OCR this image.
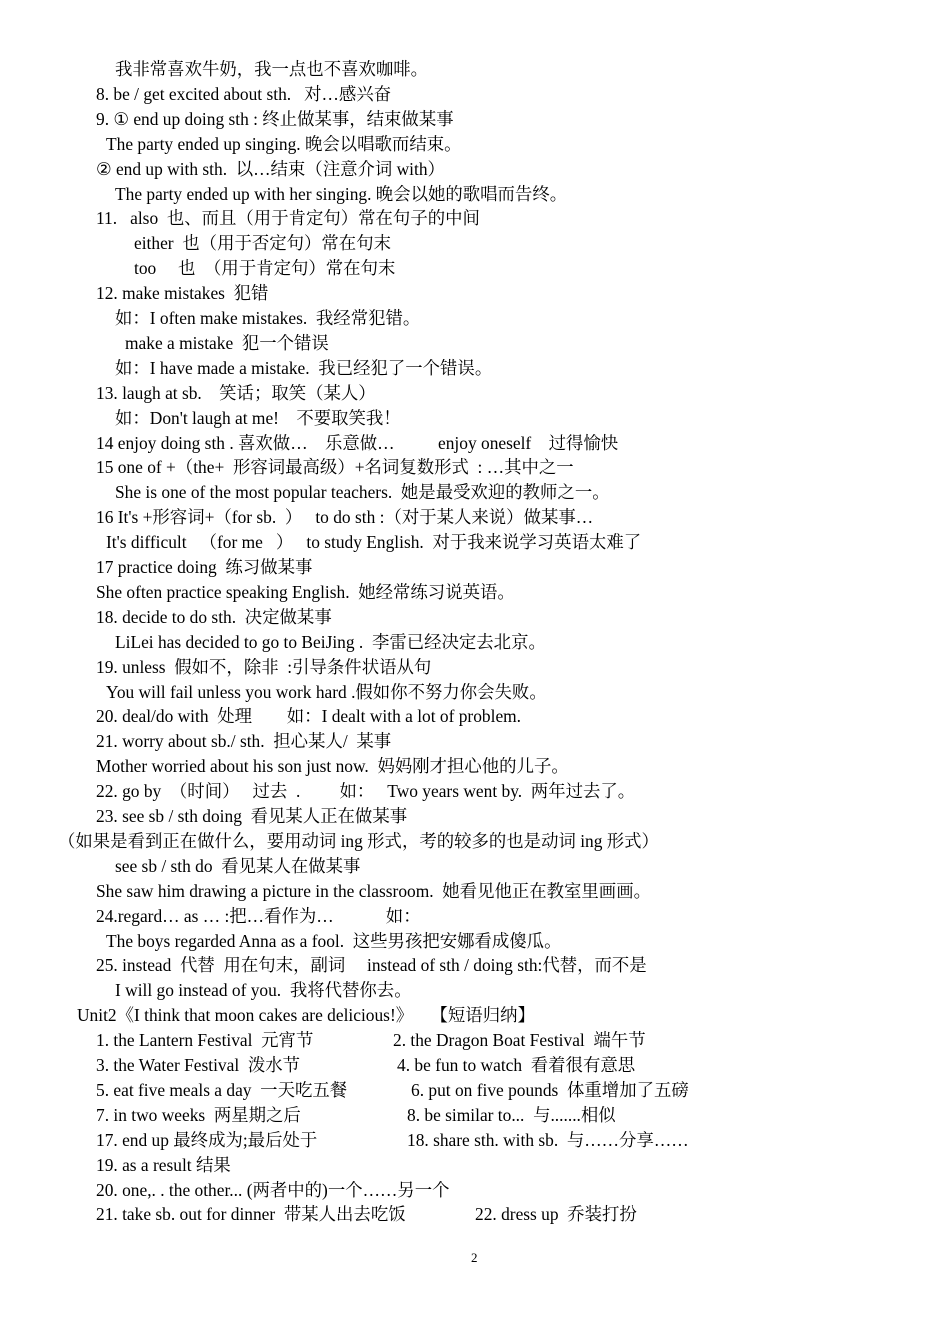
我非常喜欢牛奶，我一点也不喜欢咖啡。
8. be / get excited about sth.   对…感兴奋
9. ① end up doing sth : 终止做某事，结束做某事
The party ended up singing. 晚会以唱歌而结束。
② end up with sth.  以…结束（注意介词 with）
The party ended up with her singing. 晚会以她的歌唱而告终。
11.   also  也、而且（用于肯定句）常在句子的中间
either  也（用于否定句）常在句末
too     也  （用于肯定句）常在句末
12. make mistakes  犯错
如：I often make mistakes.  我经常犯错。
make a mistake  犯一个错误
如：I have made a mistake.  我已经犯了一个错误。
13. laugh at sb.    笑话；取笑（某人）
如：Don't laugh at me!    不要取笑我！
14 enjoy doing sth . 喜欢做…    乐意做…          enjoy oneself    过得愉快
15 one of +（the+  形容词最高级）+名词复数形式  : …其中之一
She is one of the most popular teachers.  她是最受欢迎的教师之一。
16 It's +形容词+（for sb.  ）   to do sth :（对于某人来说）做某事…
It's difficult   （for me   ）   to study English.  对于我来说学习英语太难了
17 practice doing  练习做某事
She often practice speaking English.  她经常练习说英语。
18. decide to do sth.  决定做某事
LiLei has decided to go to BeiJing .  李雷已经决定去北京。
19. unless  假如不，除非  :引导条件状语从句
You will fail unless you work hard .假如你不努力你会失败。
20. deal/do with  处理        如：I dealt with a lot of problem.
21. worry about sb./ sth.  担心某人/  某事
Mother worried about his son just now.  妈妈刚才担心他的儿子。
22. go by  （时间）   过去  .         如：   Two years went by.  两年过去了。
23. see sb / sth doing  看见某人正在做某事
（如果是看到正在做什么，要用动词 ing 形式，考的较多的也是动词 ing 形式）
see sb / sth do  看见某人在做某事
She saw him drawing a picture in the classroom.  她看见他正在教室里画画。
24.regard… as … :把…看作为…            如：
The boys regarded Anna as a fool.  这些男孩把安娜看成傻瓜。
25. instead  代替  用在句末，副词     instead of sth / doing sth:代替，而不是
I will go instead of you.  我将代替你去。
Unit2《I think that moon cakes are delicious!》    【短语归纳】
1. the Lantern Festival  元宵节	2. the Dragon Boat Festival  端午节
3. the Water Festival  泼水节	4. be fun to watch  看着很有意思
5. eat five meals a day  一天吃五餐	6. put on five pounds  体重增加了五磅
7. in two weeks  两星期之后	8. be similar to...  与.......相似
17. end up 最终成为;最后处于	18. share sth. with sb.  与……分享……
19. as a result 结果
20. one,. . the other... (两者中的)一个……另一个
21. take sb. out for dinner  带某人出去吃饭	22. dress up  乔装打扮
2
